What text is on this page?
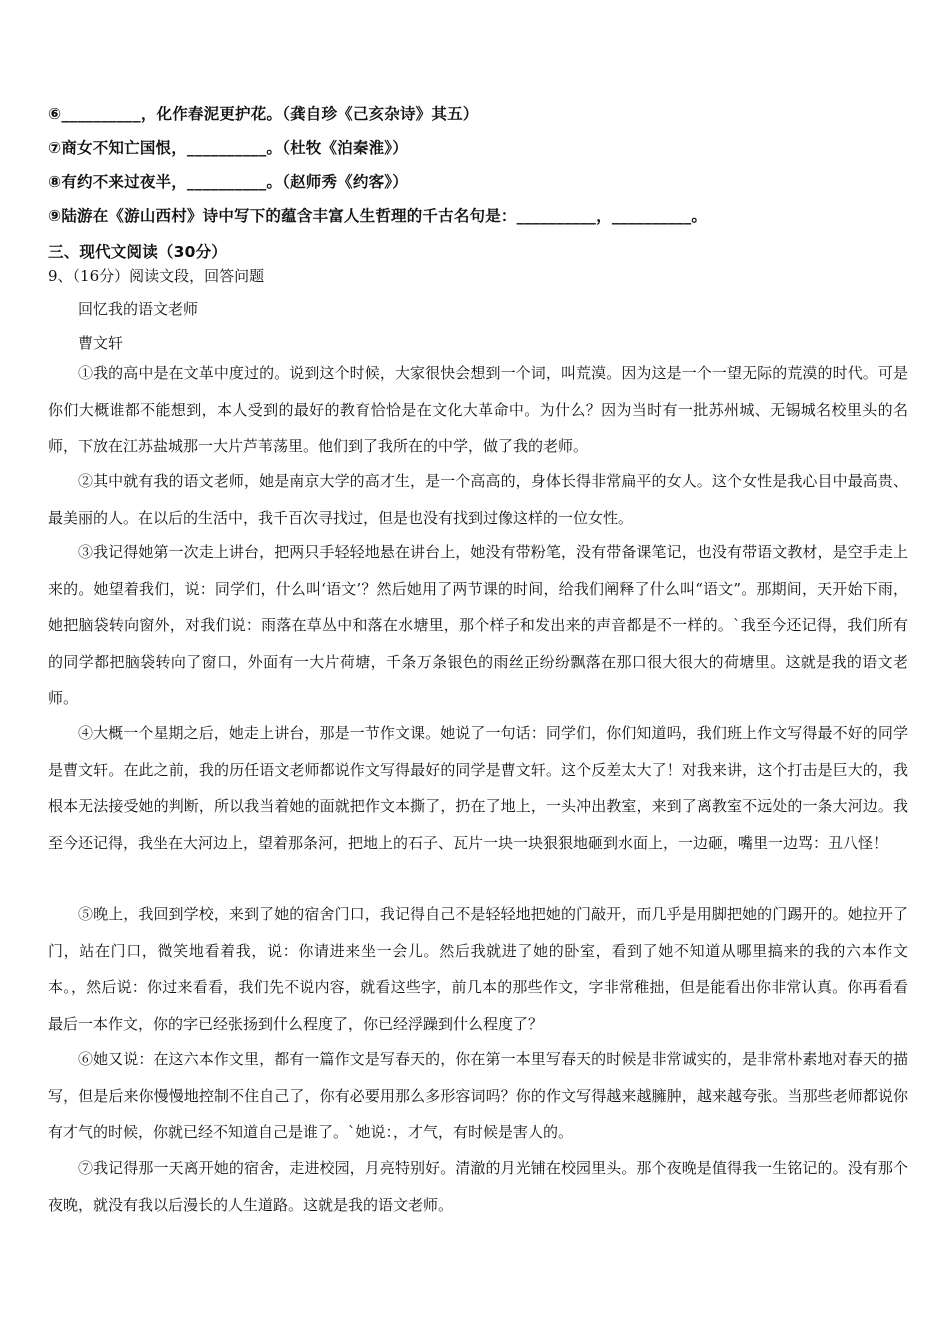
⑥__________，化作春泥更护花。（龚自珍《己亥杂诗》其五）
⑦商女不知亡国恨，__________。（杜牧《泊秦淮》）
⑧有约不来过夜半，__________。（赵师秀《约客》）
⑨陆游在《游山西村》诗中写下的蕴含丰富人生哲理的千古名句是：__________，__________。
三、现代文阅读（30分）
9、（16分）阅读文段，回答问题
回忆我的语文老师
曹文轩

①我的高中是在文革中度过的。说到这个时候，大家很快会想到一个词，叫荒漠。因为这是一个一望无际的荒漠的时代。可是你们大概谁都不能想到，本人受到的最好的教育恰恰是在文化大革命中。为什么？因为当时有一批苏州城、无锡城名校里头的名师，下放在江苏盐城那一大片芦苇荡里。他们到了我所在的中学，做了我的老师。

②其中就有我的语文老师，她是南京大学的高才生，是一个高高的，身体长得非常扁平的女人。这个女性是我心目中最高贵、最美丽的人。在以后的生活中，我千百次寻找过，但是也没有找到过像这样的一位女性。

③我记得她第一次走上讲台，把两只手轻轻地悬在讲台上，她没有带粉笔，没有带备课笔记，也没有带语文教材，是空手走上来的。她望着我们，说：同学们，什么叫‘语文’？然后她用了两节课的时间，给我们阐释了什么叫“语文”。那期间，天开始下雨，她把脑袋转向窗外，对我们说：雨落在草丛中和落在水塘里，那个样子和发出来的声音都是不一样的。`我至今还记得，我们所有的同学都把脑袋转向了窗口，外面有一大片荷塘，千条万条银色的雨丝正纷纷飘落在那口很大很大的荷塘里。这就是我的语文老师。

④大概一个星期之后，她走上讲台，那是一节作文课。她说了一句话：同学们，你们知道吗，我们班上作文写得最不好的同学是曹文轩。在此之前，我的历任语文老师都说作文写得最好的同学是曹文轩。这个反差太大了！对我来讲，这个打击是巨大的，我根本无法接受她的判断，所以我当着她的面就把作文本撕了，扔在了地上，一头冲出教室，来到了离教室不远处的一条大河边。我至今还记得，我坐在大河边上，望着那条河，把地上的石子、瓦片一块一块狠狠地砸到水面上，一边砸，嘴里一边骂：丑八怪！

⑤晚上，我回到学校，来到了她的宿舍门口，我记得自己不是轻轻地把她的门敲开，而几乎是用脚把她的门踢开的。她拉开了门，站在门口，微笑地看着我，说：你请进来坐一会儿。然后我就进了她的卧室，看到了她不知道从哪里搞来的我的六本作文本。，然后说：你过来看看，我们先不说内容，就看这些字，前几本的那些作文，字非常稚拙，但是能看出你非常认真。你再看看最后一本作文，你的字已经张扬到什么程度了，你已经浮躁到什么程度了？

⑥她又说：在这六本作文里，都有一篇作文是写春天的，你在第一本里写春天的时候是非常诚实的，是非常朴素地对春天的描写，但是后来你慢慢地控制不住自己了，你有必要用那么多形容词吗？你的作文写得越来越臃肿，越来越夸张。当那些老师都说你有才气的时候，你就已经不知道自己是谁了。`她说：，才气，有时候是害人的。

⑦我记得那一天离开她的宿舍，走进校园，月亮特别好。清澈的月光铺在校园里头。那个夜晚是值得我一生铭记的。没有那个夜晚，就没有我以后漫长的人生道路。这就是我的语文老师。
